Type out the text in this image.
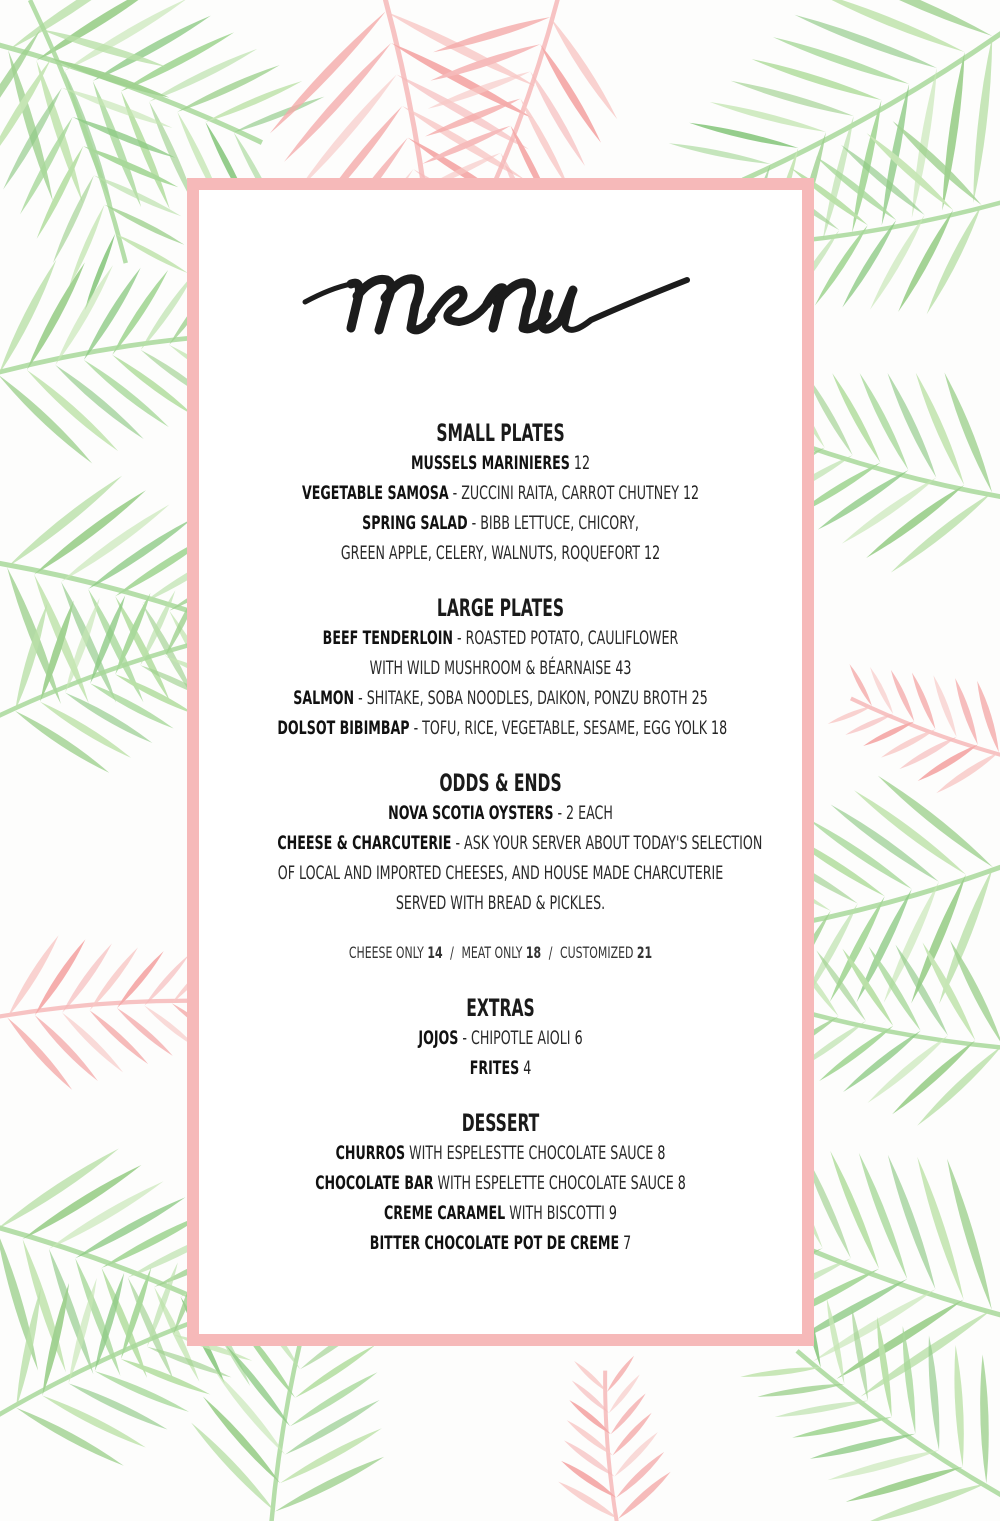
menu
SMALL PLATES
MUSSELS MARINIERES 12
VEGETABLE SAMOSA - ZUCCINI RAITA, CARROT CHUTNEY 12
SPRING SALAD - BIBB LETTUCE, CHICORY,
GREEN APPLE, CELERY, WALNUTS, ROQUEFORT 12
LARGE PLATES
BEEF TENDERLOIN - ROASTED POTATO, CAULIFLOWER
WITH WILD MUSHROOM & BÉARNAISE 43
SALMON - SHITAKE, SOBA NOODLES, DAIKON, PONZU BROTH 25
DOLSOT BIBIMBAP - TOFU, RICE, VEGETABLE, SESAME, EGG YOLK 18
ODDS & ENDS
NOVA SCOTIA OYSTERS - 2 EACH
CHEESE & CHARCUTERIE - ASK YOUR SERVER ABOUT TODAY'S SELECTION
OF LOCAL AND IMPORTED CHEESES, AND HOUSE MADE CHARCUTERIE
SERVED WITH BREAD & PICKLES.
CHEESE ONLY 14 / MEAT ONLY 18 / CUSTOMIZED 21
EXTRAS
JOJOS - CHIPOTLE AIOLI 6
FRITES 4
DESSERT
CHURROS WITH ESPELESTTE CHOCOLATE SAUCE 8
CHOCOLATE BAR WITH ESPELETTE CHOCOLATE SAUCE 8
CREME CARAMEL WITH BISCOTTI 9
BITTER CHOCOLATE POT DE CREME 7
